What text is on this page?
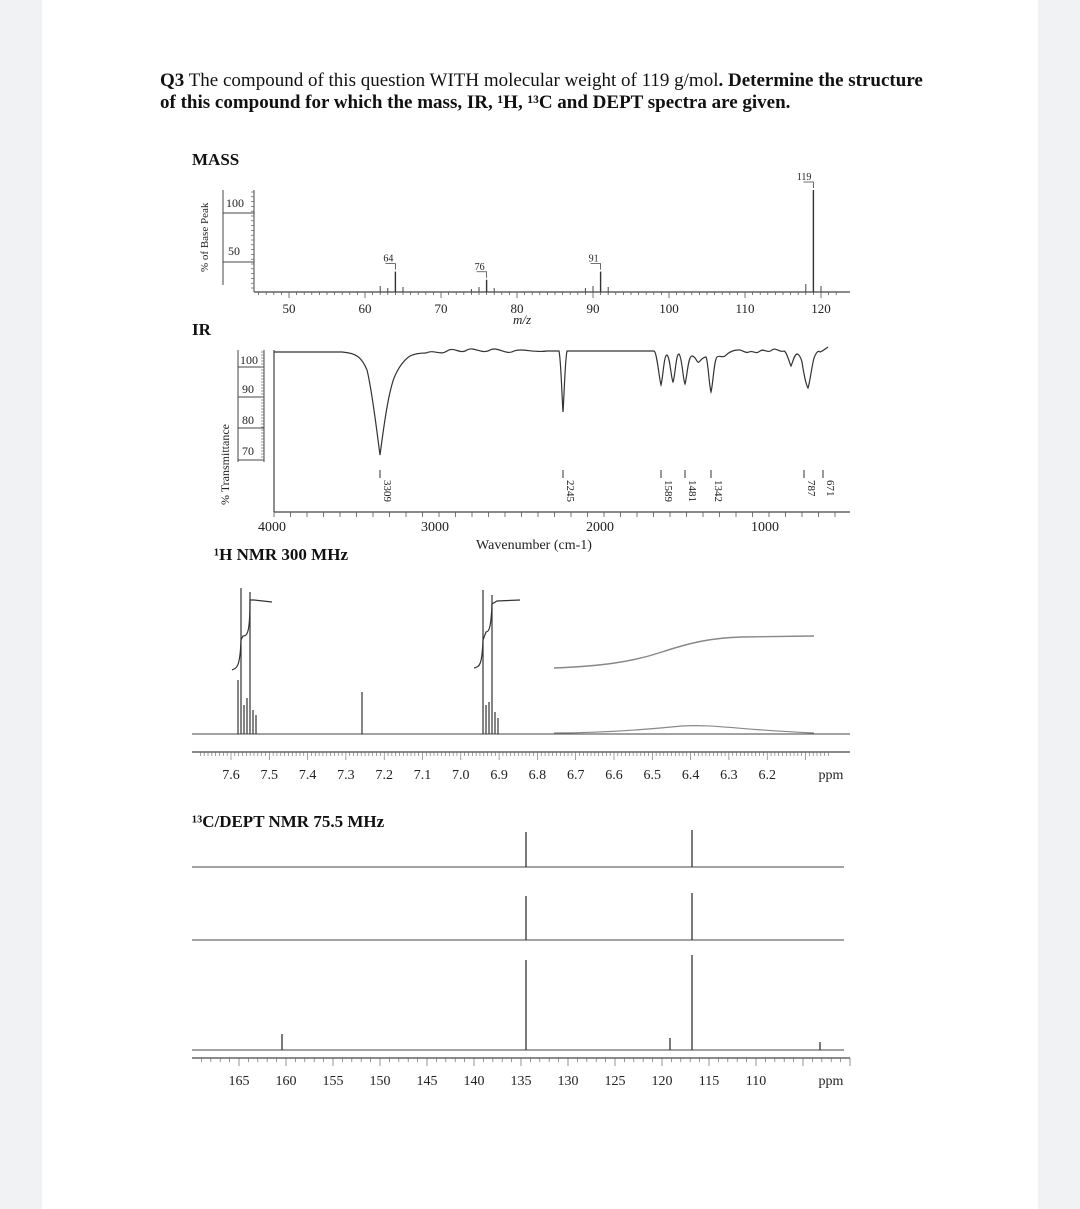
Q3 The compound of this question WITH molecular weight of 119 g/mol. Determine the structure of this compound for which the mass, IR, ¹H, ¹³C and DEPT spectra are given.
MASS
% of Base Peak 100
50
50	60	70	80	90	100	110	120
m/z
64
76
91
119
% Transmittance
100
90
80
70
4000	3000	2000	1000
Wavenumber (cm-1)
3309	2245	1589 1481 1342	787 671
7.6 7.5 7.4 7.3 7.2 7.1 7.0 6.9 6.8 6.7 6.6 6.5 6.4 6.3 6.2	ppm
165 160 155 150 145 140 135 130 125 120 115 110	ppm
IR
¹H NMR 300 MHz
¹³C/DEPT NMR 75.5 MHz
